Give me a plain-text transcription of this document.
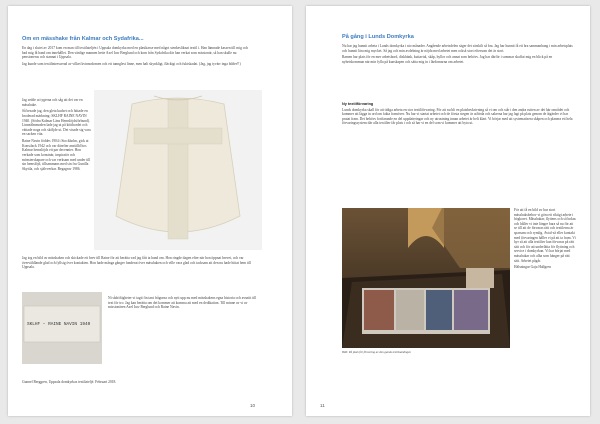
Om en mässhake från Kalmar och Sydafrika...

En dag i slutet av 2017 kom en man till textilateljén i Uppsala domkyrka med en plastkasse med något stenkesliknat textil i. Han lämnade kassen till mig och bad mig få hand om innehållet. Den vänlige mannen hette Axel Iuw Berglund och kom från Sydafrika där han verkat som missionär, så han skulle nu pensioneras och stannat i Uppsala.

Jag kunde som textilintresserad av vilket kvinnodomen och ett tunnglest linne, men halt skynkligt, fläckigt och fuktskadat. (Jag, jag tyvärr inga bilder!!)

Jag sedde ut tygerna och såg att det var en mässhake.

Så besade jag, den gleta kudset och hittade en broderad märkning: SKLHF RAINE NAVIN 1940. (Södra Kalmar Läns Hemslöjdsförbund). Linneålmmoden lade jag ut på köttbordet och vättade noga och sköljde ut. Det visade sig vara en sacken vita.

Raine Navin föddes 1904 i Stockholm, gick at Konstfack 1942 och var därefter anställd hos Kalmar hemslöjds ett par decennier. Hon verkade som konstnär, inspiratör och mönsterskapare och var verksam med under till sin hemslöjd, tillsammans med sin fru Gunilla Skyttla, och självverkar. Begagrav 1986.

Jag tog en bild av mässhaken och skickade ett brev till Raine för att berätta vad jag fått ta hand om. Hon ringde dagen efter när hon öppnat brevet, och var överväldlande glad och fyllsig över kontakten. Hon hade många gånger funderat över mässhaken och ville vara glad och tacksam att den nu hade hittat hem till Uppsala.
SKLHF – RAINE NAVIN 1940
Ni sådriftigheter vi tagit fin tant frågorna och nytt upp nu med mässhakens egna historia och avsnitt till text för tro. Jag kan berätta om det kommer att komma att med en dedikation. Till minne av vi av missionären Axel Iuw Berglund och Raine Navin.
Gunnel Berggren, Uppsala domkyrkas textilateljé. Februari 2018.
10
På gång i Lunds Domkyrka

Nu har jag hunnit arbeta i Lunds domkyrka i nio månader. Angående arbetsdelen säger det särskilt så bra. Jag har hunnit få ett bra sammanhang i min arbetsplats och hunnit lära mig mycket. Så jag och min avdelning är nöjda med arbetet men också stort eftersom det är stort.

Ramen har plats för en mer arbetsbord, diskbänk, kuttavtal, skåp, hyllor och annat som behövs. Jag har därför i sommar skaffat mig en blick på en nyhetskommun när min fylla på kunskapen och sätta mig in i lärdomarna om arbetet.

Ny textilförvaring

Lunds domkyrka skall för att tidiga arbeta en stor textilförvaring. För att nu bli en platsbeskrivning så vi om och står i den andra rutten av det här området och kommer att lägga in ord om fakta framöver. Nu har vi startat arbetet och de första stegen är utförda och sakerna har jag lagt på plats genom de åtgärder vi har pratat fram. Det behövs fortfarande en del uppdateringar och ny utrustning innan arbetet är helt klart. Vi börjar med att systematisera skåpen och planera ett hela förvaringssystem där alla textilier får plats i och så har vi en del som vi kommer att byta ut.

Bild: På plats för förvaring av den gamla textilsamlingen

För att få en bild av hur stort mässhaksbehov vi göra ett riktigt arbete i högkoret. Mässhakar, flyttens och så bokas och håller vi inte längre bara så nu för att se till att de förvaras rätt och textilerna är sparsam och rymlig. Avtal-så eller kontakt med förvaringen håller vi på att ta fram. Vi hyr så att alla textilier kan förvaras på rätt sätt och för att underlätta för flyttning och service i domkyrkan. Vi har börjat med mässhakar och alba som hänger på rätt sätt. Arbetet pågår.

Hälsningar Gaja Hallgren

11
